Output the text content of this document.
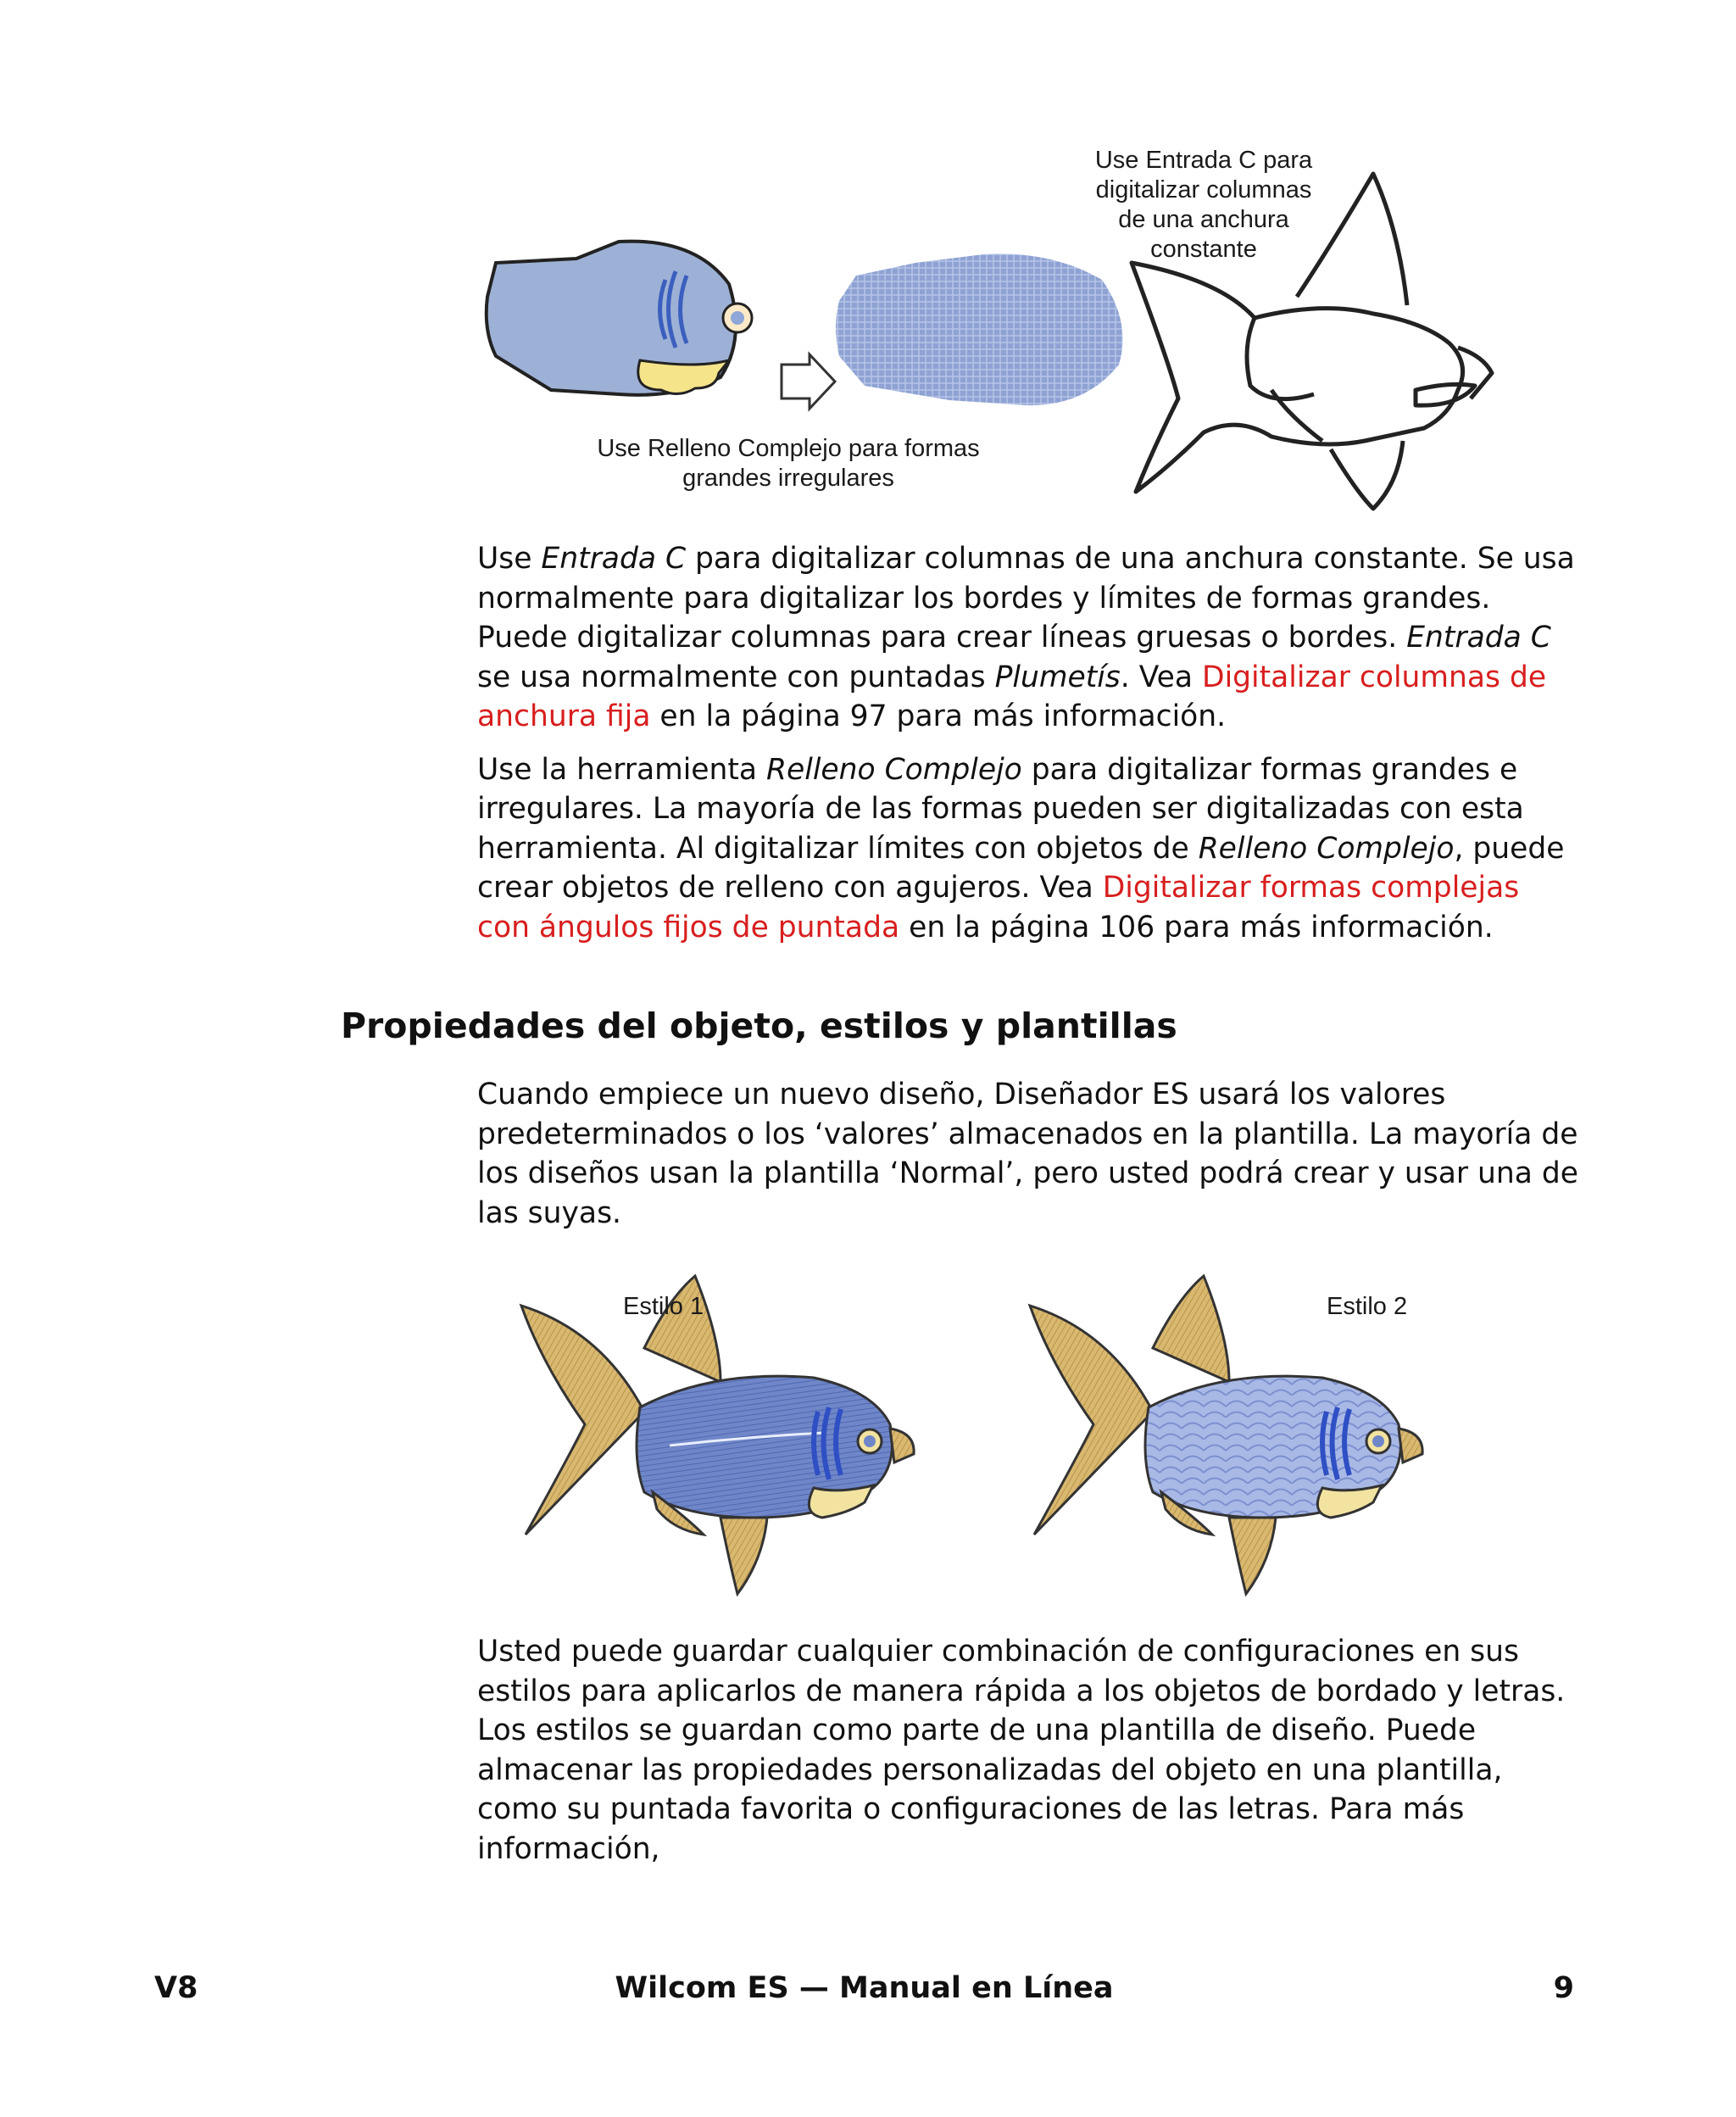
Use Entrada C para
digitalizar columnas
de una anchura
constante
Use Relleno Complejo para formas
grandes irregulares

Use Entrada C para digitalizar columnas de una anchura constante. Se usa normalmente para digitalizar los bordes y límites de formas grandes. Puede digitalizar columnas para crear líneas gruesas o bordes. Entrada C se usa normalmente con puntadas Plumetís. Vea Digitalizar columnas de anchura fija en la página 97 para más información.

Use la herramienta Relleno Complejo para digitalizar formas grandes e irregulares. La mayoría de las formas pueden ser digitalizadas con esta herramienta. Al digitalizar límites con objetos de Relleno Complejo, puede crear objetos de relleno con agujeros. Vea Digitalizar formas complejas con ángulos fijos de puntada en la página 106 para más información.

Propiedades del objeto, estilos y plantillas

Cuando empiece un nuevo diseño, Diseñador ES usará los valores predeterminados o los ‘valores’ almacenados en la plantilla. La mayoría de los diseños usan la plantilla ‘Normal’, pero usted podrá crear y usar una de las suyas.

Estilo 1	Estilo 2

Usted puede guardar cualquier combinación de configuraciones en sus estilos para aplicarlos de manera rápida a los objetos de bordado y letras. Los estilos se guardan como parte de una plantilla de diseño. Puede almacenar las propiedades personalizadas del objeto en una plantilla, como su puntada favorita o configuraciones de las letras. Para más información,

V8	Wilcom ES — Manual en Línea	9
